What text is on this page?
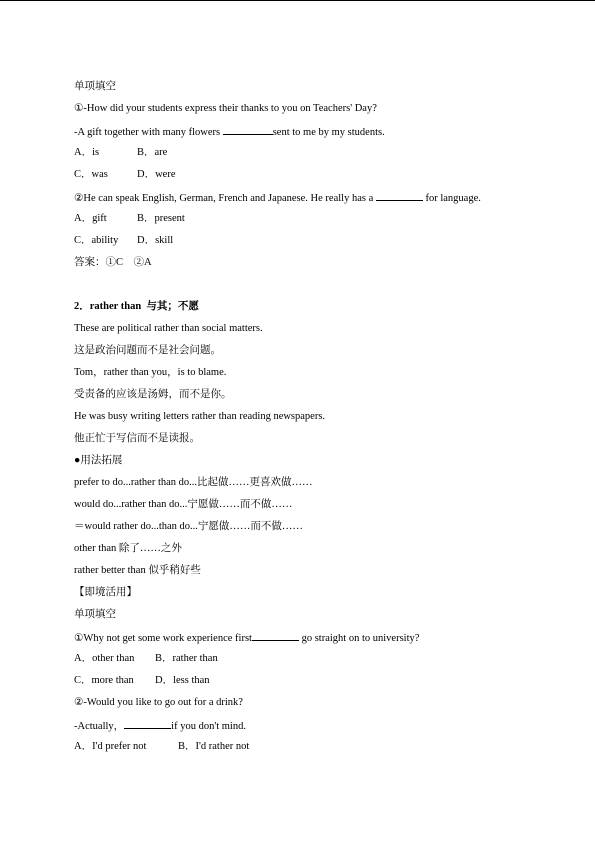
单项填空
①-How did your students express their thanks to you on Teachers' Day?
-A gift together with many flowers	sent to me by my students.
A．is	B．are
C．was	D．were
②He can speak English, German, French and Japanese. He really has a	for language.
A．gift	B．present
C．ability D．skill
答案：①C　②A
2．rather than  与其；不愿
These are political rather than social matters.
这是政治问题而不是社会问题。
Tom，rather than you，is to blame.
受责备的应该是汤姆，而不是你。
He was busy writing letters rather than reading newspapers.
他正忙于写信而不是读报。
●用法拓展
prefer to do...rather than do...比起做……更喜欢做……
would do...rather than do...宁愿做……而不做……
＝would rather do...than do...宁愿做……而不做……
other than 除了……之外
rather better than 似乎稍好些
【即境活用】
单项填空
①Why not get some work experience first	go straight on to university?
A．other than B．rather than
C．more than D．less than
②-Would you like to go out for a drink?
-Actually，	if you don't mind.
A．I'd prefer not	B．I'd rather not
